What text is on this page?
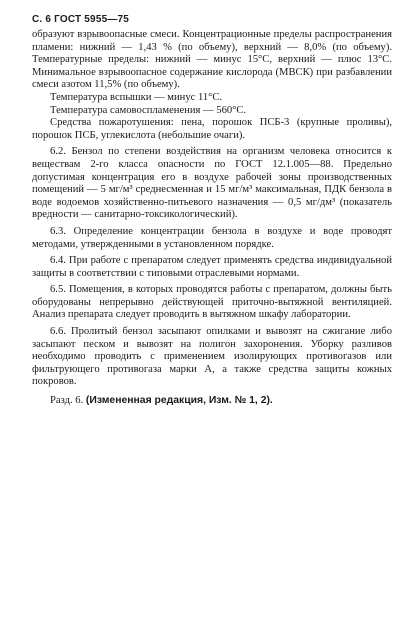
С. 6 ГОСТ 5955—75

образуют взрывоопасные смеси. Концентрационные пределы распространения пламени: нижний — 1,43 % (по объему), верхний — 8,0% (по объему). Температурные пределы: нижний — минус 15°C, верхний — плюс 13°C. Минимальное взрывоопасное содержание кислорода (МВСК) при разбавлении смеси азотом 11,5% (по объему).

Температура вспышки — минус 11°C.

Температура самовоспламенения — 560°C.

Средства пожаротушения: пена, порошок ПСБ-3 (крупные проливы), порошок ПСБ, углекислота (небольшие очаги).

6.2. Бензол по степени воздействия на организм человека относится к веществам 2-го класса опасности по ГОСТ 12.1.005—88. Предельно допустимая концентрация его в воздухе рабочей зоны производственных помещений — 5 мг/м³ среднесменная и 15 мг/м³ максимальная, ПДК бензола в воде водоемов хозяйственно-питьевого назначения — 0,5 мг/дм³ (показатель вредности — санитарно-токсикологический).

6.3. Определение концентрации бензола в воздухе и воде проводят методами, утвержденными в установленном порядке.

6.4. При работе с препаратом следует применять средства индивидуальной защиты в соответствии с типовыми отраслевыми нормами.

6.5. Помещения, в которых проводятся работы с препаратом, должны быть оборудованы непрерывно действующей приточно-вытяжной вентиляцией. Анализ препарата следует проводить в вытяжном шкафу лаборатории.

6.6. Пролитый бензол засыпают опилками и вывозят на сжигание либо засыпают песком и вывозят на полигон захоронения. Уборку разливов необходимо проводить с применением изолирующих противогазов или фильтрующего противогаза марки А, а также средства защиты кожных покровов.

Разд. 6. (Измененная редакция, Изм. № 1, 2).
